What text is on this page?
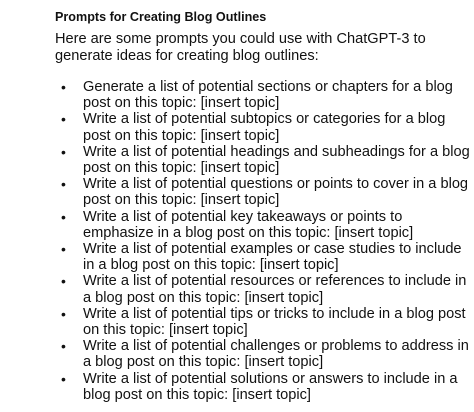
Prompts for Creating Blog Outlines

Here are some prompts you could use with ChatGPT-3 to generate ideas for creating blog outlines:

• Generate a list of potential sections or chapters for a blog post on this topic: [insert topic]
• Write a list of potential subtopics or categories for a blog post on this topic: [insert topic]
• Write a list of potential headings and subheadings for a blog post on this topic: [insert topic]
• Write a list of potential questions or points to cover in a blog post on this topic: [insert topic]
• Write a list of potential key takeaways or points to emphasize in a blog post on this topic: [insert topic]
• Write a list of potential examples or case studies to include in a blog post on this topic: [insert topic]
• Write a list of potential resources or references to include in a blog post on this topic: [insert topic]
• Write a list of potential tips or tricks to include in a blog post on this topic: [insert topic]
• Write a list of potential challenges or problems to address in a blog post on this topic: [insert topic]
• Write a list of potential solutions or answers to include in a blog post on this topic: [insert topic]
